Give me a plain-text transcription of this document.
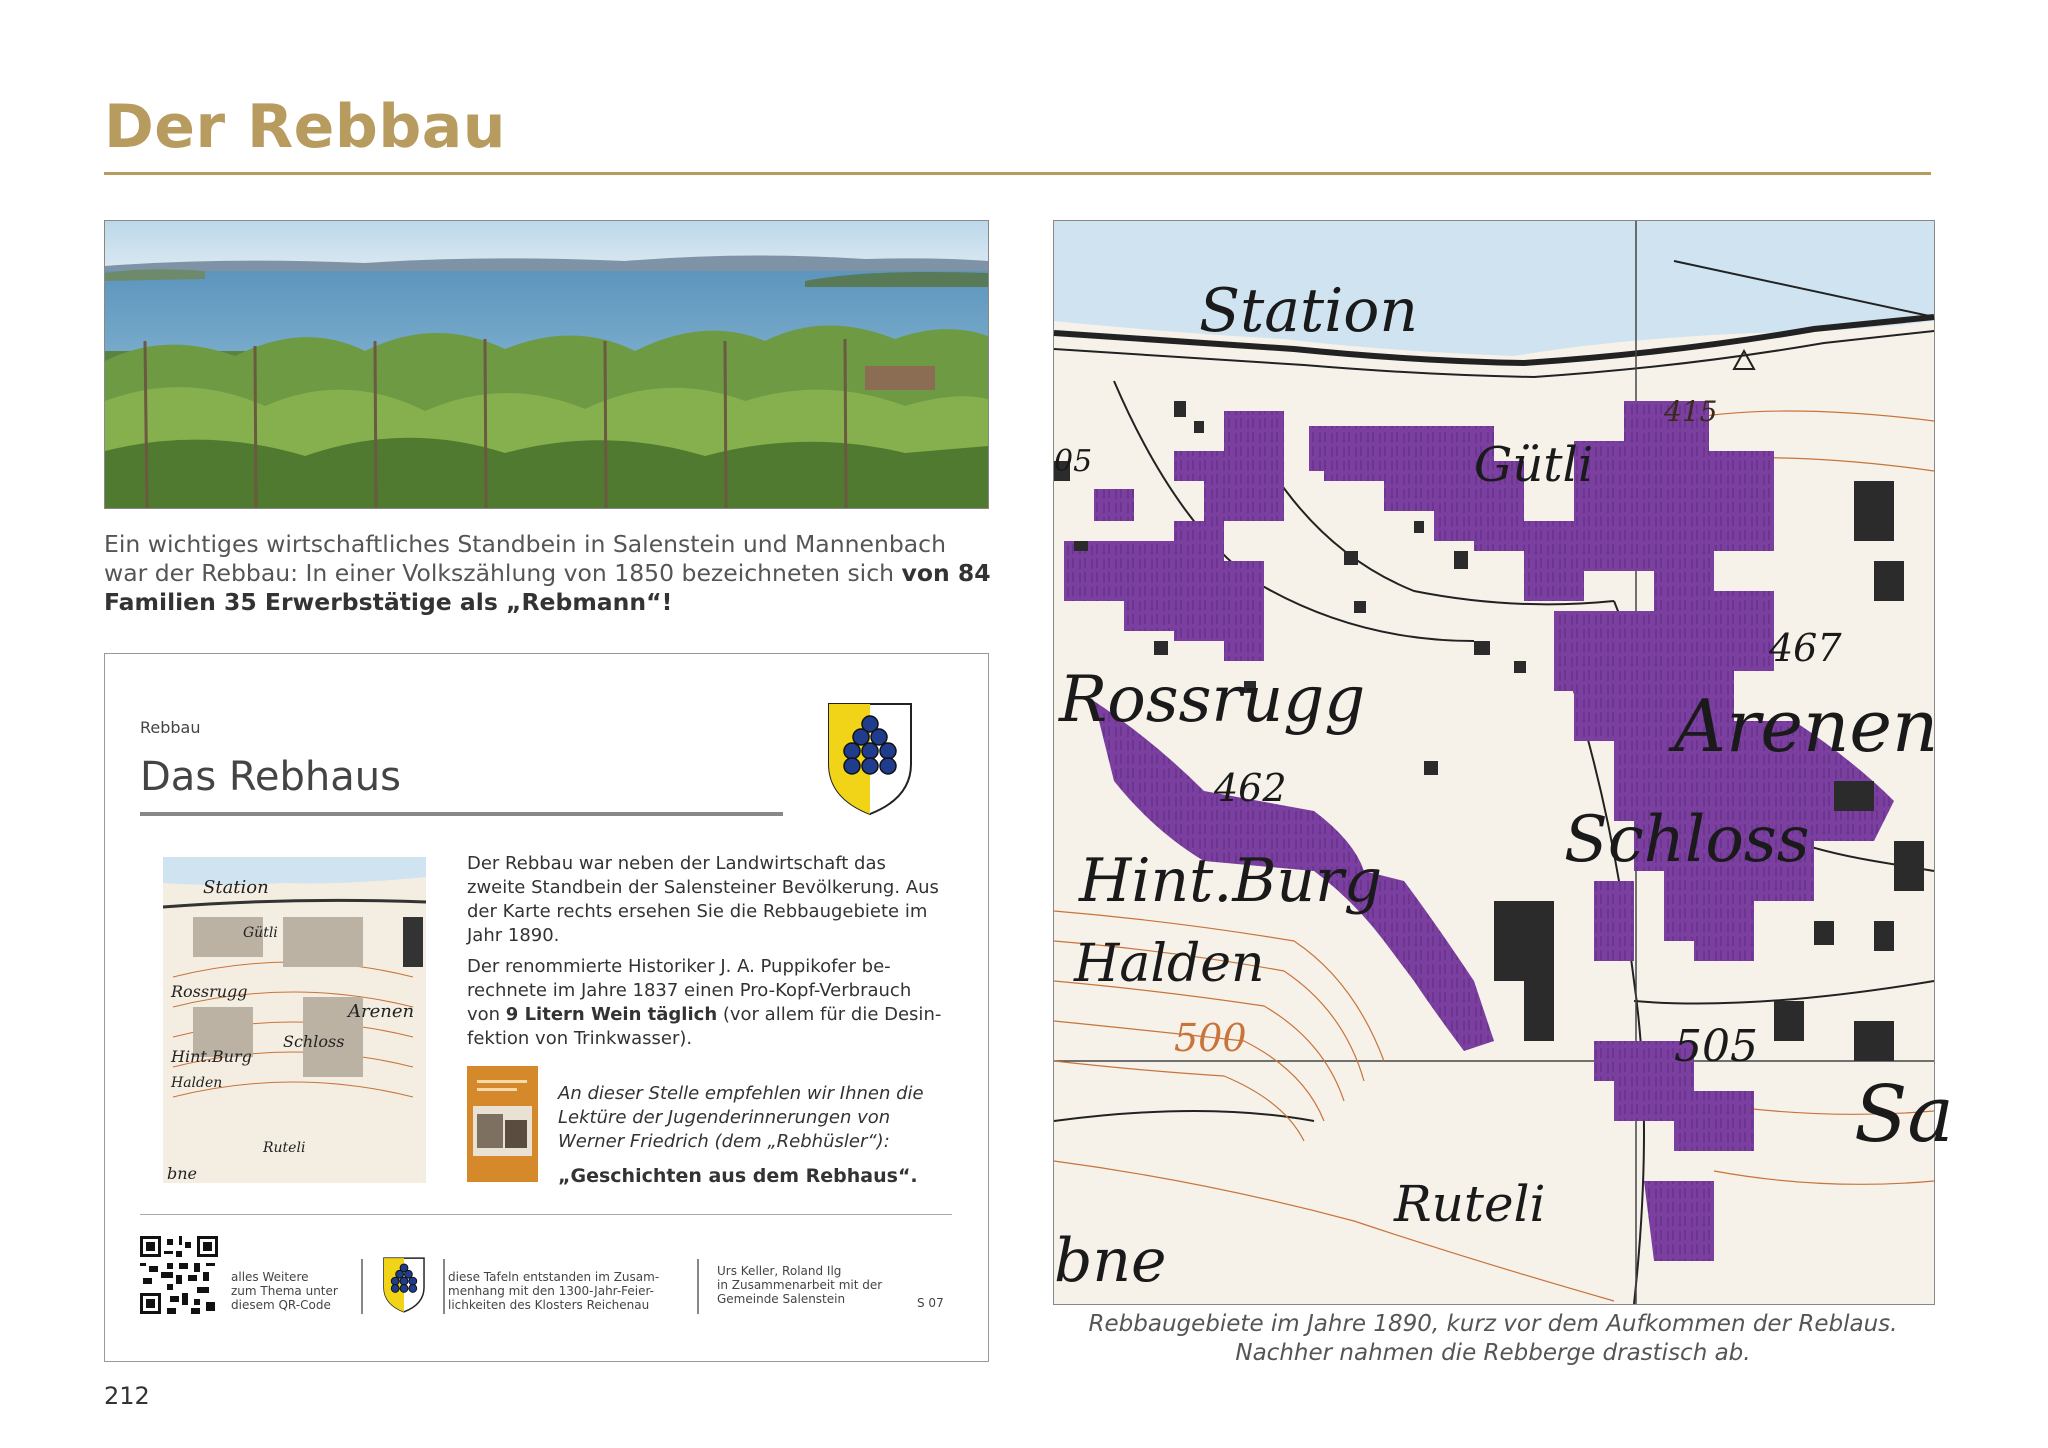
Der Rebbau
Ein wichtiges wirtschaftliches Standbein in Salenstein und Mannenbach war der Rebbau: In einer Volkszählung von 1850 bezeichneten sich von 84 Familien 35 Erwerbstätige als „Rebmann“!
Rebbau
Das Rebhaus
Station
Gütli
Rossrugg
Arenen
Schloss
Hint.Burg
Halden
Ruteli
bne

Der Rebbau war neben der Landwirtschaft das zweite Standbein der Salensteiner Bevölkerung. Aus der Karte rechts ersehen Sie die Rebbaugebiete im Jahr 1890.

Der renommierte Historiker J. A. Puppikofer berechnete im Jahre 1837 einen Pro-Kopf-Verbrauch von 9 Litern Wein täglich (vor allem für die Desinfektion von Trinkwasser).

An dieser Stelle empfehlen wir Ihnen die Lektüre der Jugenderinnerungen von Werner Friedrich (dem „Rebhüsler“):
„Geschichten aus dem Rebhaus“.
alles Weitere
zum Thema unter
diesem QR-Code
diese Tafeln entstanden im Zusam-
menhang mit den 1300-Jahr-Feier-
lichkeiten des Klosters Reichenau
Urs Keller, Roland Ilg
in Zusammenarbeit mit der
Gemeinde Salenstein	S 07
Station
415
Gütli
05
467
Rossrugg	Arenen
462
Schloss
Hint.Burg
Halden
500	505
Sa
Ruteli
bne
Rebbaugebiete im Jahre 1890, kurz vor dem Aufkommen der Reblaus. Nachher nahmen die Rebberge drastisch ab.
212
